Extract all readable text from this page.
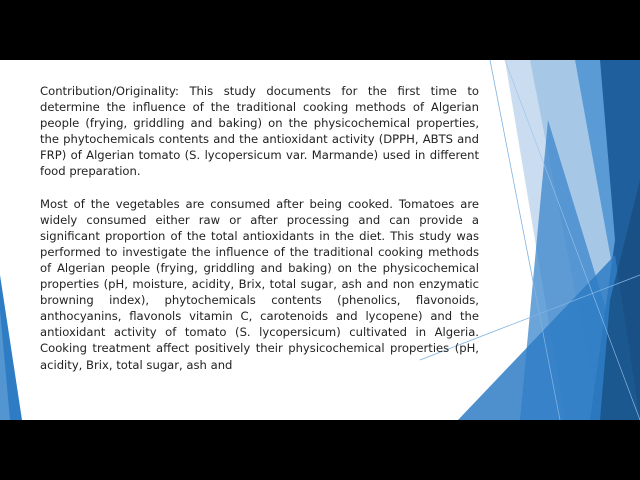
Contribution/Originality: This study documents for the first time to determine the influence of the traditional cooking methods of Algerian people (frying, griddling and baking) on the physicochemical properties, the phytochemicals contents and the antioxidant activity (DPPH, ABTS and FRP) of Algerian tomato (S. lycopersicum var. Marmande) used in different food preparation.

Most of the vegetables are consumed after being cooked. Tomatoes are widely consumed either raw or after processing and can provide a significant proportion of the total antioxidants in the diet. This study was performed to investigate the influence of the traditional cooking methods of Algerian people (frying, griddling and baking) on the physicochemical properties (pH, moisture, acidity, Brix, total sugar, ash and non enzymatic browning index), phytochemicals contents (phenolics, flavonoids, anthocyanins, flavonols vitamin C, carotenoids and lycopene) and the antioxidant activity of tomato (S. lycopersicum) cultivated in Algeria. Cooking treatment affect positively their physicochemical properties (pH, acidity, Brix, total sugar, ash and
